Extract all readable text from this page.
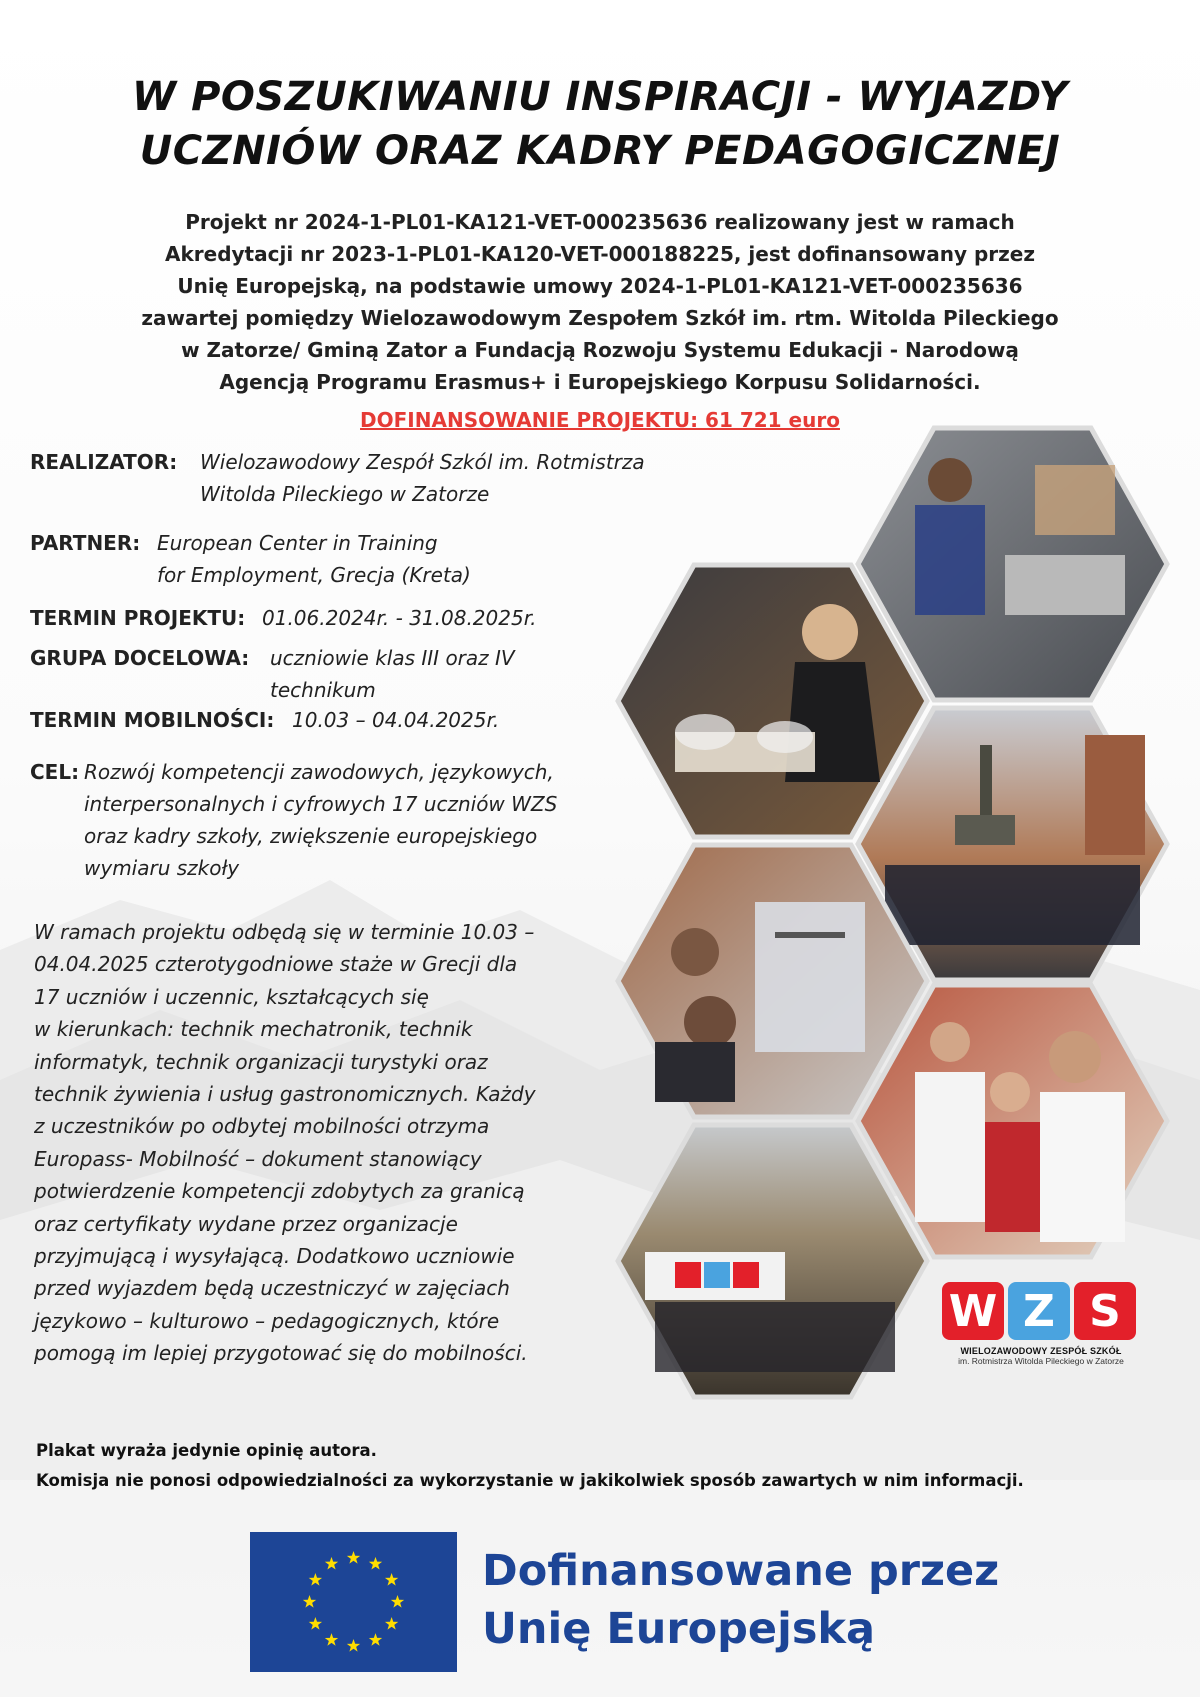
W POSZUKIWANIU INSPIRACJI - WYJAZDY
UCZNIÓW ORAZ KADRY PEDAGOGICZNEJ
Projekt nr 2024-1-PL01-KA121-VET-000235636 realizowany jest w ramach
Akredytacji nr 2023-1-PL01-KA120-VET-000188225, jest dofinansowany przez
Unię Europejską, na podstawie umowy 2024-1-PL01-KA121-VET-000235636
zawartej pomiędzy Wielozawodowym Zespołem Szkół im. rtm. Witolda Pileckiego
w Zatorze/ Gminą Zator a Fundacją Rozwoju Systemu Edukacji - Narodową
Agencją Programu Erasmus+ i Europejskiego Korpusu Solidarności.
DOFINANSOWANIE PROJEKTU: 61 721 euro
REALIZATOR: Wielozawodowy Zespół Szkól im. Rotmistrza
Witolda Pileckiego w Zatorze
PARTNER: European Center in Training
for Employment, Grecja (Kreta)
TERMIN PROJEKTU: 01.06.2024r. - 31.08.2025r.
GRUPA DOCELOWA: uczniowie klas III oraz IV
technikum
TERMIN MOBILNOŚCI: 10.03 – 04.04.2025r.
CEL: Rozwój kompetencji zawodowych, językowych,
interpersonalnych i cyfrowych 17 uczniów WZS
oraz kadry szkoły, zwiększenie europejskiego
wymiaru szkoły
W ramach projektu odbędą się w terminie 10.03 –
04.04.2025 czterotygodniowe staże w Grecji dla
17 uczniów i uczennic, kształcących się
w kierunkach: technik mechatronik, technik
informatyk, technik organizacji turystyki oraz
technik żywienia i usług gastronomicznych. Każdy
z uczestników po odbytej mobilności otrzyma
Europass- Mobilność – dokument stanowiący
potwierdzenie kompetencji zdobytych za granicą
oraz certyfikaty wydane przez organizacje
przyjmującą i wysyłającą. Dodatkowo uczniowie
przed wyjazdem będą uczestniczyć w zajęciach
językowo – kulturowo – pedagogicznych, które
pomogą im lepiej przygotować się do mobilności.
W Z S
WIELOZAWODOWY ZESPÓŁ SZKÓŁ
im. Rotmistrza Witolda Pileckiego w Zatorze
Plakat wyraża jedynie opinię autora.
Komisja nie ponosi odpowiedzialności za wykorzystanie w jakikolwiek sposób zawartych w nim informacji.
Dofinansowane przez
Unię Europejską
